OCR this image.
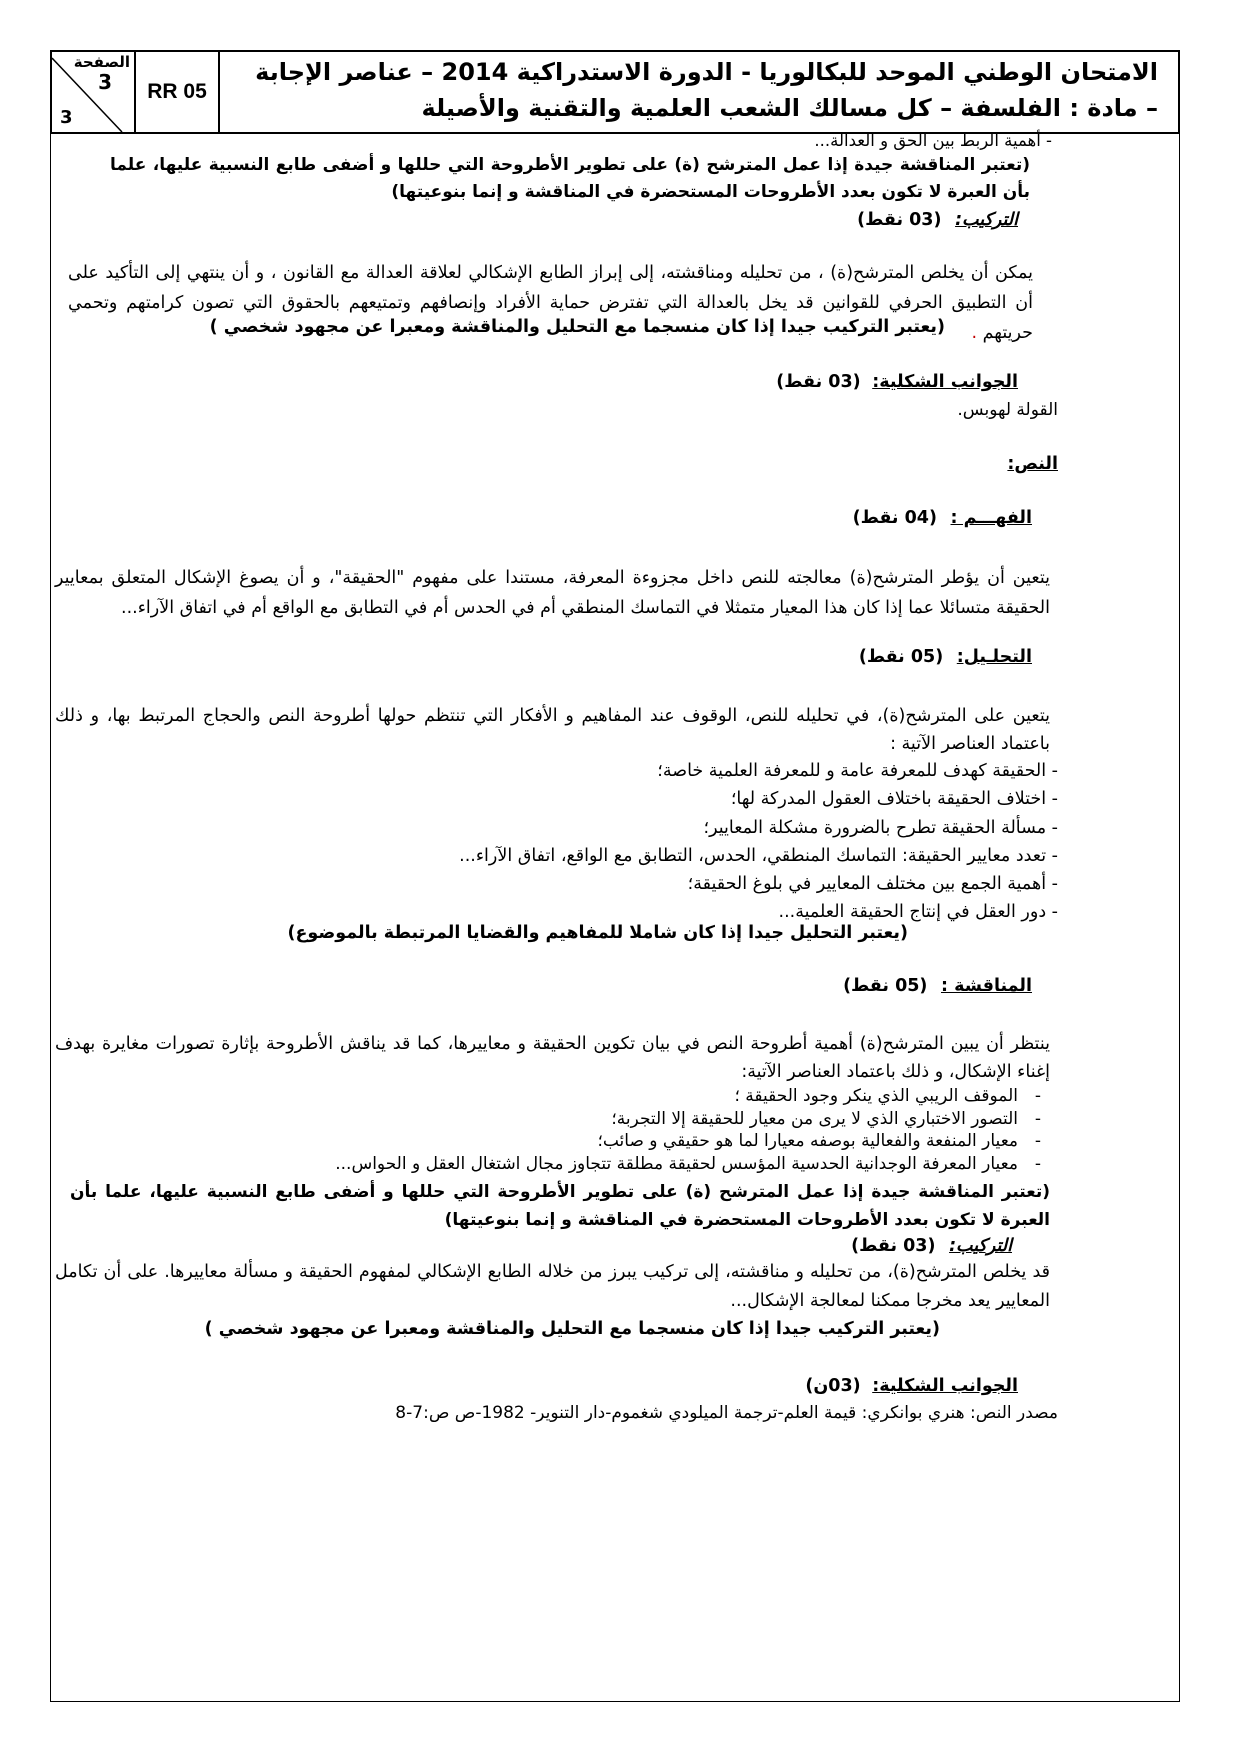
الصفحة
3
3
RR 05
الامتحان الوطني الموحد للبكالوريا - الدورة الاستدراكية 2014 – عناصر الإجابة
– مادة : الفلسفة – كل مسالك الشعب العلمية والتقنية والأصيلة
- أهمية الربط بين الحق و العدالة...
(تعتبر المناقشة جيدة إذا عمل المترشح (ة) على تطوير الأطروحة التي حللها و أضفى طابع النسبية عليها، علما بأن العبرة لا تكون بعدد الأطروحات المستحضرة في المناقشة و إنما بنوعيتها)
التركيب: (03 نقط)
يمكن أن يخلص المترشح(ة) ، من تحليله ومناقشته، إلى إبراز الطابع الإشكالي لعلاقة العدالة مع القانون ، و أن ينتهي إلى التأكيد على أن التطبيق الحرفي للقوانين قد يخل بالعدالة التي تفترض حماية الأفراد وإنصافهم وتمتيعهم بالحقوق التي تصون كرامتهم وتحمي حريتهم .
(يعتبر التركيب جيدا إذا كان منسجما مع التحليل والمناقشة ومعبرا عن مجهود شخصي )
الجوانب الشكلية: (03 نقط)
القولة لهوبس.
النص:
الفهـــم : (04 نقط)
يتعين أن يؤطر المترشح(ة) معالجته للنص داخل مجزوءة المعرفة، مستندا على مفهوم "الحقيقة"، و أن يصوغ الإشكال المتعلق بمعايير الحقيقة متسائلا عما إذا كان هذا المعيار متمثلا في التماسك المنطقي أم في الحدس أم في التطابق مع الواقع أم في اتفاق الآراء...
التحلـيل: (05 نقط)
يتعين على المترشح(ة)، في تحليله للنص، الوقوف عند المفاهيم و الأفكار التي تنتظم حولها أطروحة النص والحجاج المرتبط بها، و ذلك باعتماد العناصر الآتية :
- الحقيقة كهدف للمعرفة عامة و للمعرفة العلمية خاصة؛
- اختلاف الحقيقة باختلاف العقول المدركة لها؛
- مسألة الحقيقة تطرح بالضرورة مشكلة المعايير؛
- تعدد معايير الحقيقة: التماسك المنطقي، الحدس، التطابق مع الواقع، اتفاق الآراء...
- أهمية الجمع بين مختلف المعايير في بلوغ الحقيقة؛
- دور العقل في إنتاج الحقيقة العلمية...
(يعتبر التحليل جيدا إذا كان شاملا للمفاهيم والقضايا المرتبطة بالموضوع)
المناقشة : (05 نقط)
ينتظر أن يبين المترشح(ة) أهمية أطروحة النص في بيان تكوين الحقيقة و معاييرها، كما قد يناقش الأطروحة بإثارة تصورات مغايرة بهدف إغناء الإشكال، و ذلك باعتماد العناصر الآتية:
-الموقف الريبي الذي ينكر وجود الحقيقة ؛
-التصور الاختباري الذي لا يرى من معيار للحقيقة إلا التجربة؛
-معيار المنفعة والفعالية بوصفه معيارا لما هو حقيقي و صائب؛
-معيار المعرفة الوجدانية الحدسية المؤسس لحقيقة مطلقة تتجاوز مجال اشتغال العقل و الحواس...
(تعتبر المناقشة جيدة إذا عمل المترشح (ة) على تطوير الأطروحة التي حللها و أضفى طابع النسبية عليها، علما بأن العبرة لا تكون بعدد الأطروحات المستحضرة في المناقشة و إنما بنوعيتها)
التركيب: (03 نقط)
قد يخلص المترشح(ة)، من تحليله و مناقشته، إلى تركيب يبرز من خلاله الطابع الإشكالي لمفهوم الحقيقة و مسألة معاييرها. على أن تكامل المعايير يعد مخرجا ممكنا لمعالجة الإشكال...
(يعتبر التركيب جيدا إذا كان منسجما مع التحليل والمناقشة ومعبرا عن مجهود شخصي )
الجوانب الشكلية: (03ن)
مصدر النص: هنري بوانكري: قيمة العلم-ترجمة الميلودي شغموم-دار التنوير- 1982-ص ص:7-8
